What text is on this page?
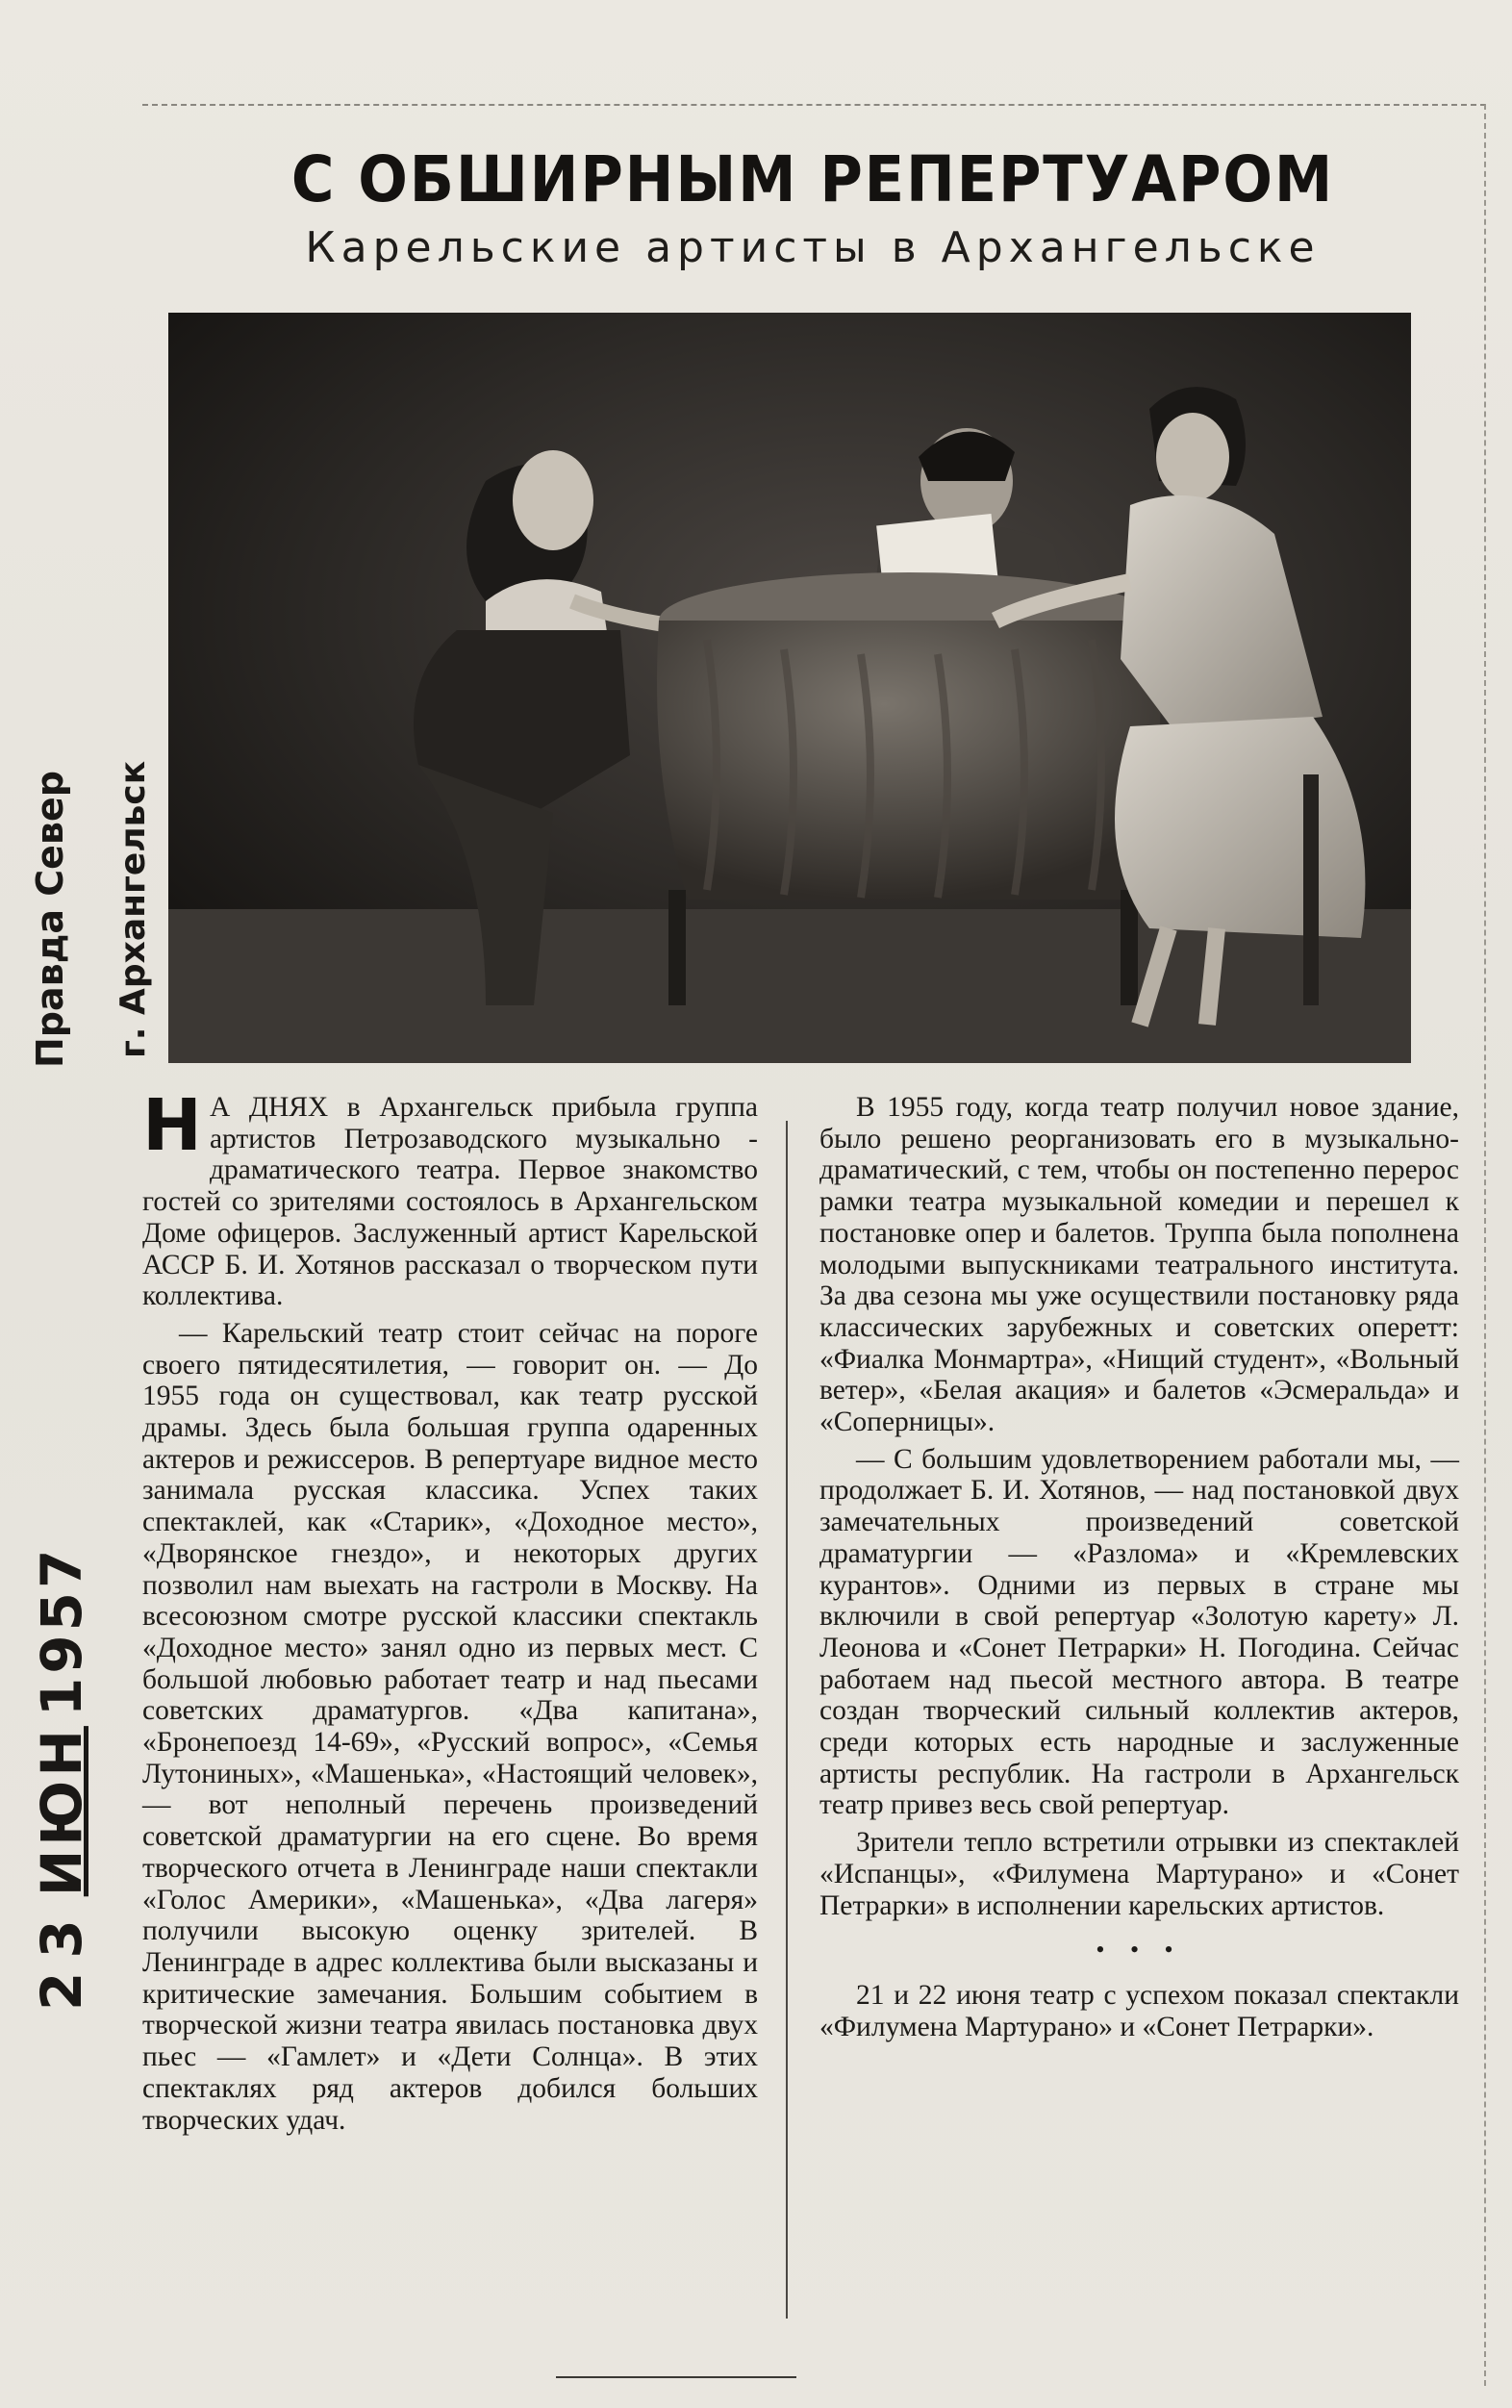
С ОБШИРНЫМ РЕПЕРТУАРОМ
Карельские артисты в Архангельске
г. Архангельск
23ИЮН1957

Н А ДНЯХ в Архангельск прибыла группа артистов Петрозаводского музыкально - драматического театра. Первое знакомство гостей со зрителями состоялось в Архангельском Доме офицеров. Заслуженный артист Карельской АССР Б. И. Хотянов рассказал о творческом пути коллектива.

— Карельский театр стоит сейчас на пороге своего пятидесятилетия, — говорит он. — До 1955 года он существовал, как театр русской драмы. Здесь была большая группа одаренных актеров и режиссеров. В репертуаре видное место занимала русская классика. Успех таких спектаклей, как «Старик», «Доходное место», «Дворянское гнездо», и некоторых других позволил нам выехать на гастроли в Москву. На всесоюзном смотре русской классики спектакль «Доходное место» занял одно из первых мест. С большой любовью работает театр и над пьесами советских драматургов. «Два капитана», «Бронепоезд 14-69», «Русский вопрос», «Семья Лутониных», «Машенька», «Настоящий человек», — вот неполный перечень произведений советской драматургии на его сцене. Во время творческого отчета в Ленинграде наши спектакли «Голос Америки», «Машенька», «Два лагеря» получили высокую оценку зрителей. В Ленинграде в адрес коллектива были высказаны и критические замечания. Большим событием в творческой жизни театра явилась постановка двух пьес — «Гамлет» и «Дети Солнца». В этих спектаклях ряд актеров добился больших творческих удач.

В 1955 году, когда театр получил новое здание, было решено реорганизовать его в музыкально-драматический, с тем, чтобы он постепенно перерос рамки театра музыкальной комедии и перешел к постановке опер и балетов. Труппа была пополнена молодыми выпускниками театрального института. За два сезона мы уже осуществили постановку ряда классических зарубежных и советских оперетт: «Фиалка Монмартра», «Нищий студент», «Вольный ветер», «Белая акация» и балетов «Эсмеральда» и «Соперницы».

— С большим удовлетворением работали мы, — продолжает Б. И. Хотянов, — над постановкой двух замечательных произведений советской драматургии — «Разлома» и «Кремлевских курантов». Одними из первых в стране мы включили в свой репертуар «Золотую карету» Л. Леонова и «Сонет Петрарки» Н. Погодина. Сейчас работаем над пьесой местного автора. В театре создан творческий сильный коллектив актеров, среди которых есть народные и заслуженные артисты республик. На гастроли в Архангельск театр привез весь свой репертуар.

Зрители тепло встретили отрывки из спектаклей «Испанцы», «Филумена Мартурано» и «Сонет Петрарки» в исполнении карельских артистов.

• • •

21 и 22 июня театр с успехом показал спектакли «Филумена Мартурано» и «Сонет Петрарки».
